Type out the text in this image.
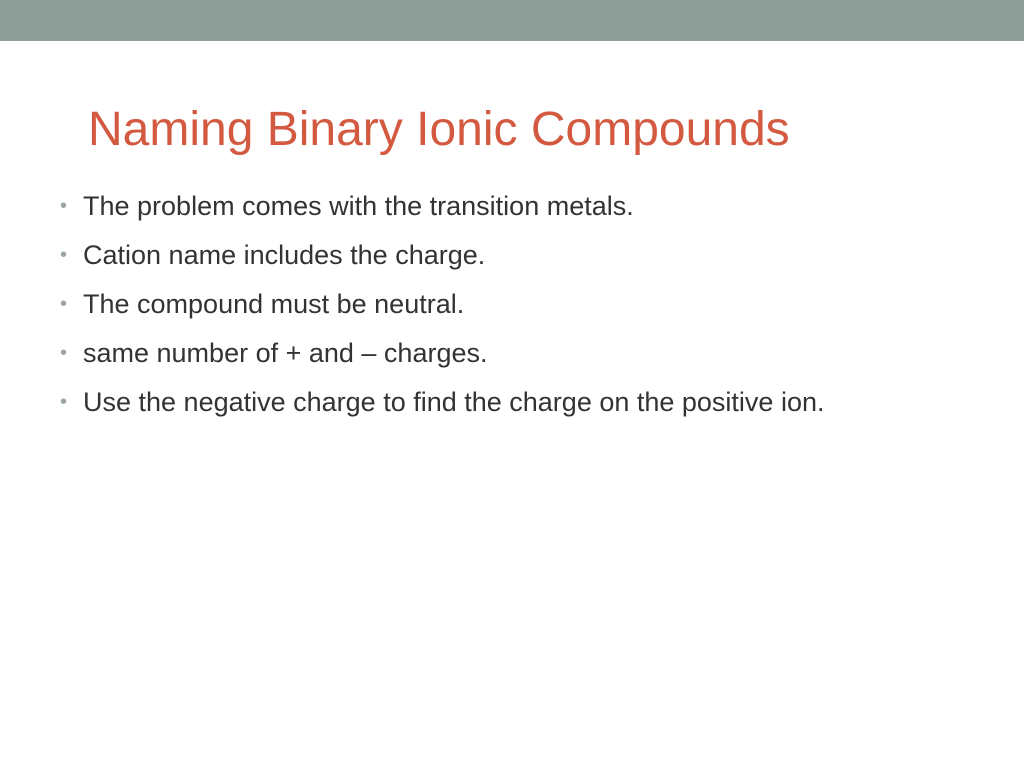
Naming Binary Ionic Compounds
• The problem comes with the transition metals.
• Cation name includes the charge.
• The compound must be neutral.
• same number of + and – charges.
• Use the negative charge to find the charge on the positive ion.
